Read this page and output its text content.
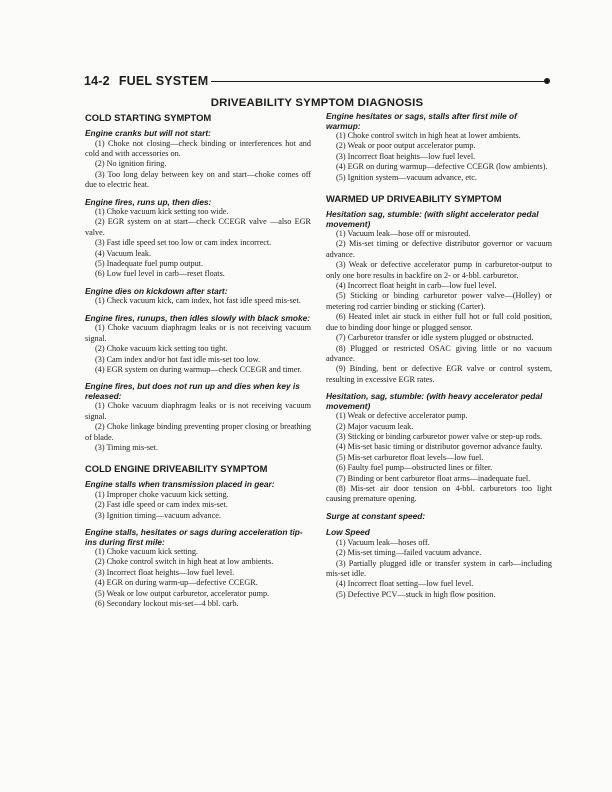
14-2 FUEL SYSTEM
DRIVEABILITY SYMPTOM DIAGNOSIS
COLD STARTING SYMPTOM
Engine cranks but will not start:

(1) Choke not closing—check binding or interferences hot and cold and with accessories on.

(2) No ignition firing.

(3) Too long delay between key on and start—choke comes off due to electric heat.

Engine fires, runs up, then dies:

(1) Choke vacuum kick setting too wide.

(2) EGR system on at start—check CCEGR valve —also EGR valve.

(3) Fast idle speed set too low or cam index incorrect.

(4) Vacuum leak.

(5) Inadequate fuel pump output.

(6) Low fuel level in carb—reset floats.

Engine dies on kickdown after start:

(1) Check vacuum kick, cam index, hot fast idle speed mis-set.

Engine fires, runups, then idles slowly with black smoke:

(1) Choke vacuum diaphragm leaks or is not receiving vacuum signal.

(2) Choke vacuum kick setting too tight.

(3) Cam index and/or hot fast idle mis-set too low.

(4) EGR system on during warmup—check CCEGR and timer.

Engine fires, but does not run up and dies when key is released:

(1) Choke vacuum diaphragm leaks or is not receiving vacuum signal.

(2) Choke linkage binding preventing proper closing or breathing of blade.

(3) Timing mis-set.

COLD ENGINE DRIVEABILITY SYMPTOM
Engine stalls when transmission placed in gear:

(1) Improper choke vacuum kick setting.

(2) Fast idle speed or cam index mis-set.

(3) Ignition timing—vacuum advance.

Engine stalls, hesitates or sags during acceleration tip-ins during first mile:

(1) Choke vacuum kick setting.

(2) Choke control switch in high heat at low ambients.

(3) Incorrect float heights—low fuel level.

(4) EGR on during warm-up—defective CCEGR.

(5) Weak or low output carburetor, accelerator pump.

(6) Secondary lockout mis-set—4 bbl. carb.

Engine hesitates or sags, stalls after first mile of warmup:

(1) Choke control switch in high heat at lower ambients.

(2) Weak or poor output accelerator pump.

(3) Incorrect float heights—low fuel level.

(4) EGR on during warmup—defective CCEGR (low ambients).

(5) Ignition system—vacuum advance, etc.

WARMED UP DRIVEABILITY SYMPTOM
Hesitation sag, stumble: (with slight accelerator pedal movement)

(1) Vacuum leak—hose off or misrouted.

(2) Mis-set timing or defective distributor governor or vacuum advance.

(3) Weak or defective accelerator pump in carburetor-output to only one bore results in backfire on 2- or 4-bbl. carburetor.

(4) Incorrect float height in carb—low fuel level.

(5) Sticking or binding carburetor power valve—(Holley) or metering rod carrier binding or sticking (Carter).

(6) Heated inlet air stuck in either full hot or full cold position, due to binding door hinge or plugged sensor.

(7) Carburetor transfer or idle system plugged or obstructed.

(8) Plugged or restricted OSAC giving little or no vacuum advance.

(9) Binding, bent or defective EGR valve or control system, resulting in excessive EGR rates.

Hesitation, sag, stumble: (with heavy accelerator pedal movement)

(1) Weak or defective accelerator pump.

(2) Major vacuum leak.

(3) Sticking or binding carburetor power valve or step-up rods.

(4) Mis-set basic timing or distributor governor advance faulty.

(5) Mis-set carburetor float levels—low fuel.

(6) Faulty fuel pump—obstructed lines or filter.

(7) Binding or bent carburetor float arms—inadequate fuel.

(8) Mis-set air door tension on 4-bbl. carburetors too light causing premature opening.

Surge at constant speed:
Low Speed

(1) Vacuum leak—hoses off.

(2) Mis-set timing—failed vacuum advance.

(3) Partially plugged idle or transfer system in carb—including mis-set idle.

(4) Incorrect float setting—low fuel level.

(5) Defective PCV—stuck in high flow position.
